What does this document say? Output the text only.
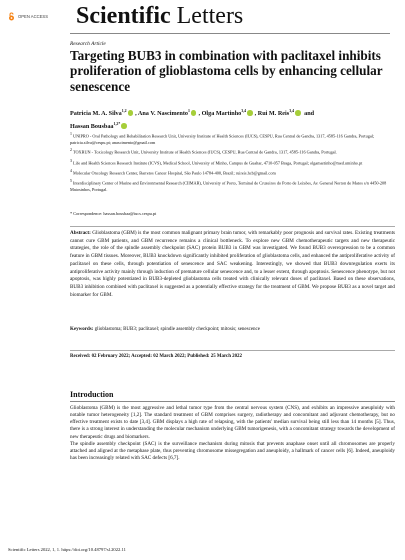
OPEN ACCESS Scientific Letters
Research Article
Targeting BUB3 in combination with paclitaxel inhibits proliferation of glioblastoma cells by enhancing cellular senescence
Patricia M. A. Silva$^{1,2}$ , Ana V. Nascimento$^1$ , Olga Martinho$^{3,4}$ , Rui M. Reis$^{3,4}$ and
Hassan Bousbaa$^{1,2*}$
$^1$ UNIPRO - Oral Pathology and Rehabilitation Research Unit, University Institute of Health Sciences (IUCS), CESPU, Rua Central de Gandra, 1317, 4585-116 Gandra, Portugal; patricia.silva@cespu.pt; anascimento@gmail.com
$^2$ TOXRUN - Toxicology Research Unit, University Institute of Health Sciences (IUCS), CESPU, Rua Central de Gandra, 1317, 4585-116 Gandra, Portugal.
$^3$ Life and Health Sciences Research Institute (ICVS), Medical School, University of Minho, Campus de Gualtar, 4710-057 Braga, Portugal; olgamartinho@med.uminho.pt
$^4$ Molecular Oncology Research Center, Barretos Cancer Hospital, São Paulo 14784-400, Brazil; ruireis.hcb@gmail.com
$^5$ Interdisciplinary Center of Marine and Environmental Research (CIIMAR), University of Porto, Terminal de Cruzeiros do Porto de Leixões, Av. General Norton de Matos s/n 4450-208 Matosinhos, Portugal.
* Correspondence: hassan.bousbaa@iucs.cespu.pt
Abstract: Glioblastoma (GBM) is the most common malignant primary brain tumor, with remarkably poor prognosis and survival rates. Existing treatments cannot cure GBM patients, and GBM recurrence remains a clinical bottleneck. To explore new GBM chemotherapeutic targets and new therapeutic strategies, the role of the spindle assembly checkpoint (SAC) protein BUB3 in GBM was investigated. We found BUB3 overexpression to be a common feature in GBM tissues. Moreover, BUB3 knockdown significantly inhibited proliferation of glioblastoma cells, and enhanced the antiproliferative activity of paclitaxel on these cells, through potentiation of senescence and SAC weakening. Interestingly, we showed that BUB3 downregulation exerts its antiproliferative activity mainly through induction of premature cellular senescence and, to a lesser extent, through apoptosis. Senescence phenotype, but not apoptosis, was highly potentiated in BUB3-depleted glioblastoma cells treated with clinically relevant doses of paclitaxel. Based on these observations, BUB3 inhibition combined with paclitaxel is suggested as a potentially effective strategy for the treatment of GBM. We propose BUB3 as a novel target and biomarker for GBM.
Keywords: glioblastoma; BUB3; paclitaxel; spindle assembly checkpoint; mitosis; senescence
Received: 02 February 2022; Accepted: 02 March 2022; Published: 25 March 2022
Introduction
Glioblastoma (GBM) is the most aggressive and lethal tumor type from the central nervous system (CNS), and exhibits an impressive aneuploidy with notable tumor heterogeneity [1,2]. The standard treatment of GBM comprises surgery, radiotherapy and concomitant and adjuvant chemotherapy, but no effective treatment exists to date [3,4]. GBM displays a high rate of relapsing, with the patients' median survival being still less than 14 months [5]. Thus, there is a strong interest in understanding the molecular mechanism underlying GBM tumorigenesis, with a concomitant strategy towards the development of new therapeutic drugs and biomarkers.
The spindle assembly checkpoint (SAC) is the surveillance mechanism during mitosis that prevents anaphase onset until all chromosomes are properly attached and aligned at the metaphase plate, thus preventing chromosome missegregation and aneuploidy, a hallmark of cancer cells [6]. Indeed, aneuploidy has been increasingly related with SAC defects [6,7].
Scientific Letters 2022, 1, 1. https://doi.org/10.48797/sl.2022.11
